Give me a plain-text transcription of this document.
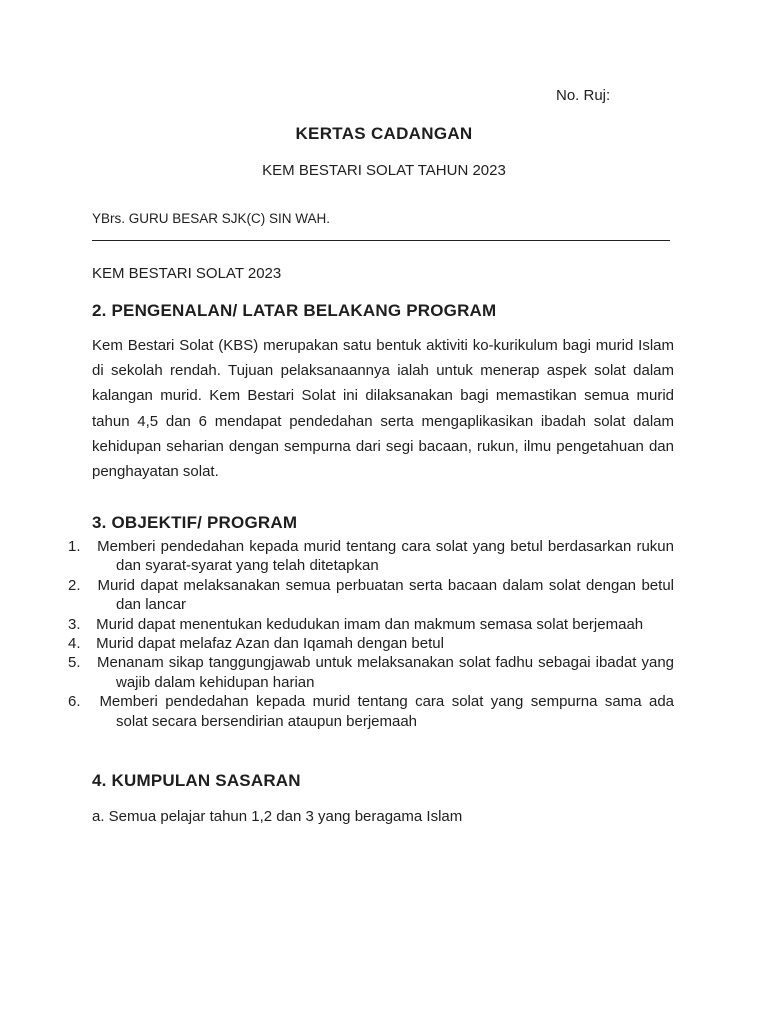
No. Ruj:
KERTAS CADANGAN
KEM BESTARI SOLAT TAHUN 2023
YBrs. GURU BESAR SJK(C) SIN WAH.
KEM BESTARI SOLAT 2023
2. PENGENALAN/ LATAR BELAKANG PROGRAM

Kem Bestari Solat (KBS) merupakan satu bentuk aktiviti ko-kurikulum bagi murid Islam di sekolah rendah. Tujuan pelaksanaannya ialah untuk menerap aspek solat dalam kalangan murid. Kem Bestari Solat ini dilaksanakan bagi memastikan semua murid tahun 4,5 dan 6 mendapat pendedahan serta mengaplikasikan ibadah solat dalam kehidupan seharian dengan sempurna dari segi bacaan, rukun, ilmu pengetahuan dan penghayatan solat.

3. OBJEKTIF/ PROGRAM
1. Memberi pendedahan kepada murid tentang cara solat yang betul berdasarkan rukun dan syarat-syarat yang telah ditetapkan
2. Murid dapat melaksanakan semua perbuatan serta bacaan dalam solat dengan betul dan lancar
3. Murid dapat menentukan kedudukan imam dan makmum semasa solat berjemaah
4. Murid dapat melafaz Azan dan Iqamah dengan betul
5. Menanam sikap tanggungjawab untuk melaksanakan solat fadhu sebagai ibadat yang wajib dalam kehidupan harian
6. Memberi pendedahan kepada murid tentang cara solat yang sempurna sama ada solat secara bersendirian ataupun berjemaah
4. KUMPULAN SASARAN
a. Semua pelajar tahun 1,2 dan 3 yang beragama Islam
